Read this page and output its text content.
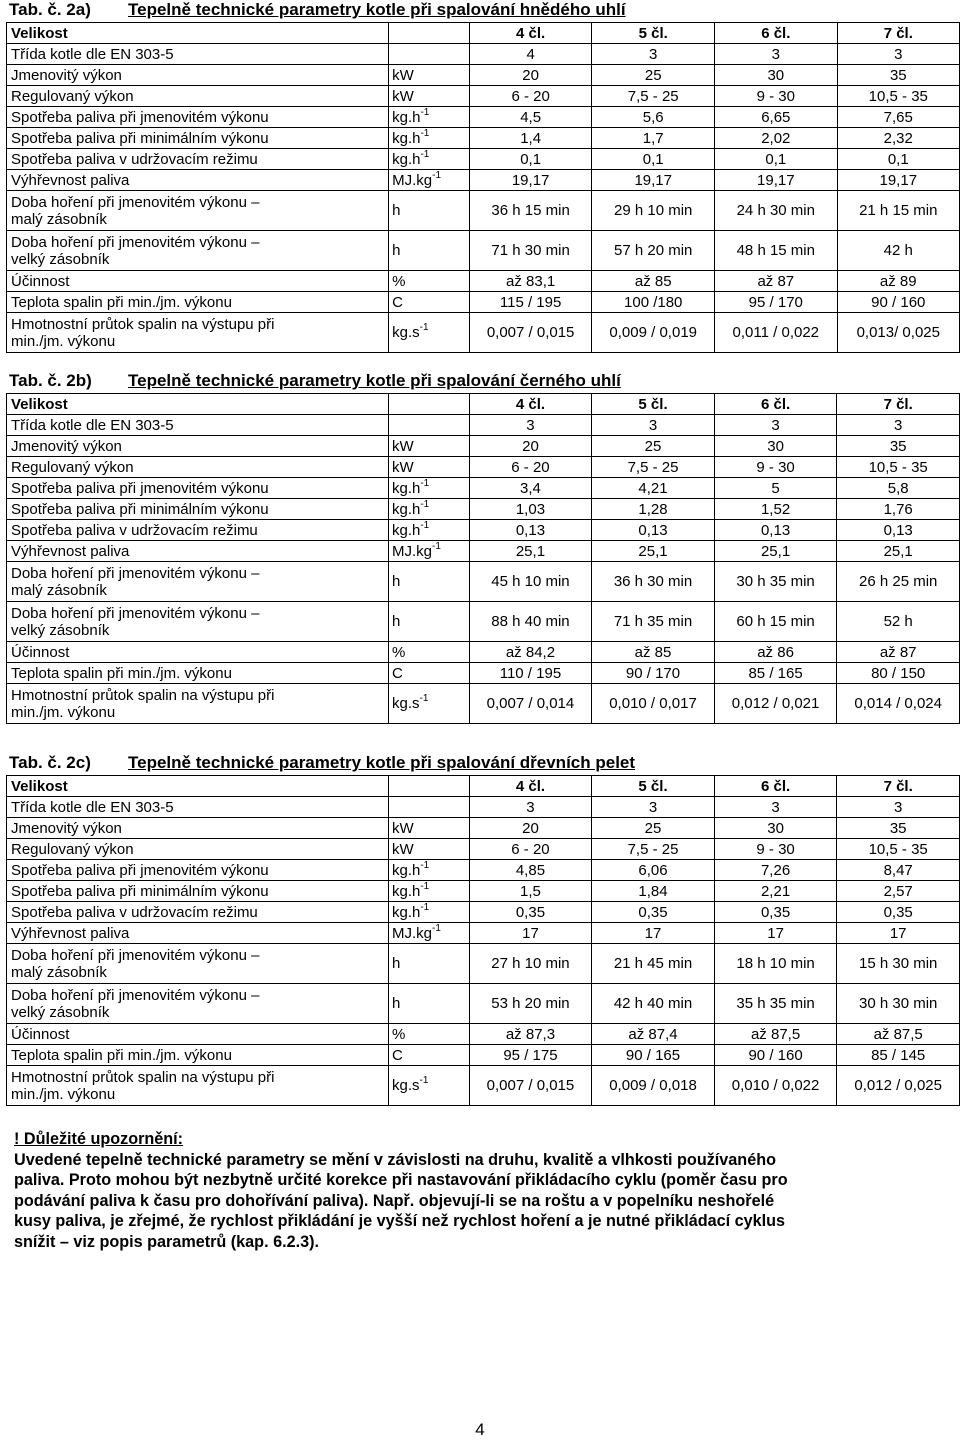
Tab. č. 2a) Tepelně technické parametry kotle při spalování hnědého uhlí
Velikost		4 čl.	5 čl.	6 čl.	7 čl.

Třída kotle dle EN 303-5		4	3	3	3

Jmenovitý výkon	kW	20	25	30	35

Regulovaný výkon	kW	6 - 20	7,5 - 25	9 - 30	10,5 - 35

Spotřeba paliva při jmenovitém výkonu	$kg.h^{-1}$	4,5	5,6	6,65	7,65

Spotřeba paliva při minimálním výkonu	$kg.h^{-1}$	1,4	1,7	2,02	2,32

Spotřeba paliva v udržovacím režimu	$kg.h^{-1}$	0,1	0,1	0,1	0,1

Výhřevnost paliva	$MJ.kg^{-1}$	19,17	19,17	19,17	19,17

Doba hoření při jmenovitém výkonu –
malý zásobník	h	36 h 15 min	29 h 10 min	24 h 30 min	21 h 15 min

Doba hoření při jmenovitém výkonu –
velký zásobník	h	71 h 30 min	57 h 20 min	48 h 15 min	42 h

Účinnost	%	až 83,1	až 85	až 87	až 89

Teplota spalin při min./jm. výkonu	C	115 / 195	100 /180	95 / 170	90 / 160

Hmotnostní průtok spalin na výstupu při
min./jm. výkonu	$kg.s^{-1}$	0,007 / 0,015	0,009 / 0,019	0,011 / 0,022	0,013/ 0,025
Tab. č. 2b) Tepelně technické parametry kotle při spalování černého uhlí
Velikost		4 čl.	5 čl.	6 čl.	7 čl.

Třída kotle dle EN 303-5		3	3	3	3

Jmenovitý výkon	kW	20	25	30	35

Regulovaný výkon	kW	6 - 20	7,5 - 25	9 - 30	10,5 - 35

Spotřeba paliva při jmenovitém výkonu	$kg.h^{-1}$	3,4	4,21	5	5,8

Spotřeba paliva při minimálním výkonu	$kg.h^{-1}$	1,03	1,28	1,52	1,76

Spotřeba paliva v udržovacím režimu	$kg.h^{-1}$	0,13	0,13	0,13	0,13

Výhřevnost paliva	$MJ.kg^{-1}$	25,1	25,1	25,1	25,1

Doba hoření při jmenovitém výkonu –
malý zásobník	h	45 h 10 min	36 h 30 min	30 h 35 min	26 h 25 min

Doba hoření při jmenovitém výkonu –
velký zásobník	h	88 h 40 min	71 h 35 min	60 h 15 min	52 h

Účinnost	%	až 84,2	až 85	až 86	až 87

Teplota spalin při min./jm. výkonu	C	110 / 195	90 / 170	85 / 165	80 / 150

Hmotnostní průtok spalin na výstupu při
min./jm. výkonu	$kg.s^{-1}$	0,007 / 0,014	0,010 / 0,017	0,012 / 0,021	0,014 / 0,024
Tab. č. 2c) Tepelně technické parametry kotle při spalování dřevních pelet
Velikost		4 čl.	5 čl.	6 čl.	7 čl.

Třída kotle dle EN 303-5		3	3	3	3

Jmenovitý výkon	kW	20	25	30	35

Regulovaný výkon	kW	6 - 20	7,5 - 25	9 - 30	10,5 - 35

Spotřeba paliva při jmenovitém výkonu	$kg.h^{-1}$	4,85	6,06	7,26	8,47

Spotřeba paliva při minimálním výkonu	$kg.h^{-1}$	1,5	1,84	2,21	2,57

Spotřeba paliva v udržovacím režimu	$kg.h^{-1}$	0,35	0,35	0,35	0,35

Výhřevnost paliva	$MJ.kg^{-1}$	17	17	17	17

Doba hoření při jmenovitém výkonu –
malý zásobník	h	27 h 10 min	21 h 45 min	18 h 10 min	15 h 30 min

Doba hoření při jmenovitém výkonu –
velký zásobník	h	53 h 20 min	42 h 40 min	35 h 35 min	30 h 30 min

Účinnost	%	až 87,3	až 87,4	až 87,5	až 87,5

Teplota spalin při min./jm. výkonu	C	95 / 175	90 / 165	90 / 160	85 / 145

Hmotnostní průtok spalin na výstupu při
min./jm. výkonu	$kg.s^{-1}$	0,007 / 0,015	0,009 / 0,018	0,010 / 0,022	0,012 / 0,025
! Důležité upozornění:
Uvedené tepelně technické parametry se mění v závislosti na druhu, kvalitě a vlhkosti používaného
paliva. Proto mohou být nezbytně určité korekce při nastavování přikládacího cyklu (poměr času pro
podávání paliva k času pro dohořívání paliva). Např. objevují-li se na roštu a v popelníku neshořelé
kusy paliva, je zřejmé, že rychlost přikládání je vyšší než rychlost hoření a je nutné přikládací cyklus
snížit – viz popis parametrů (kap. 6.2.3).
4
